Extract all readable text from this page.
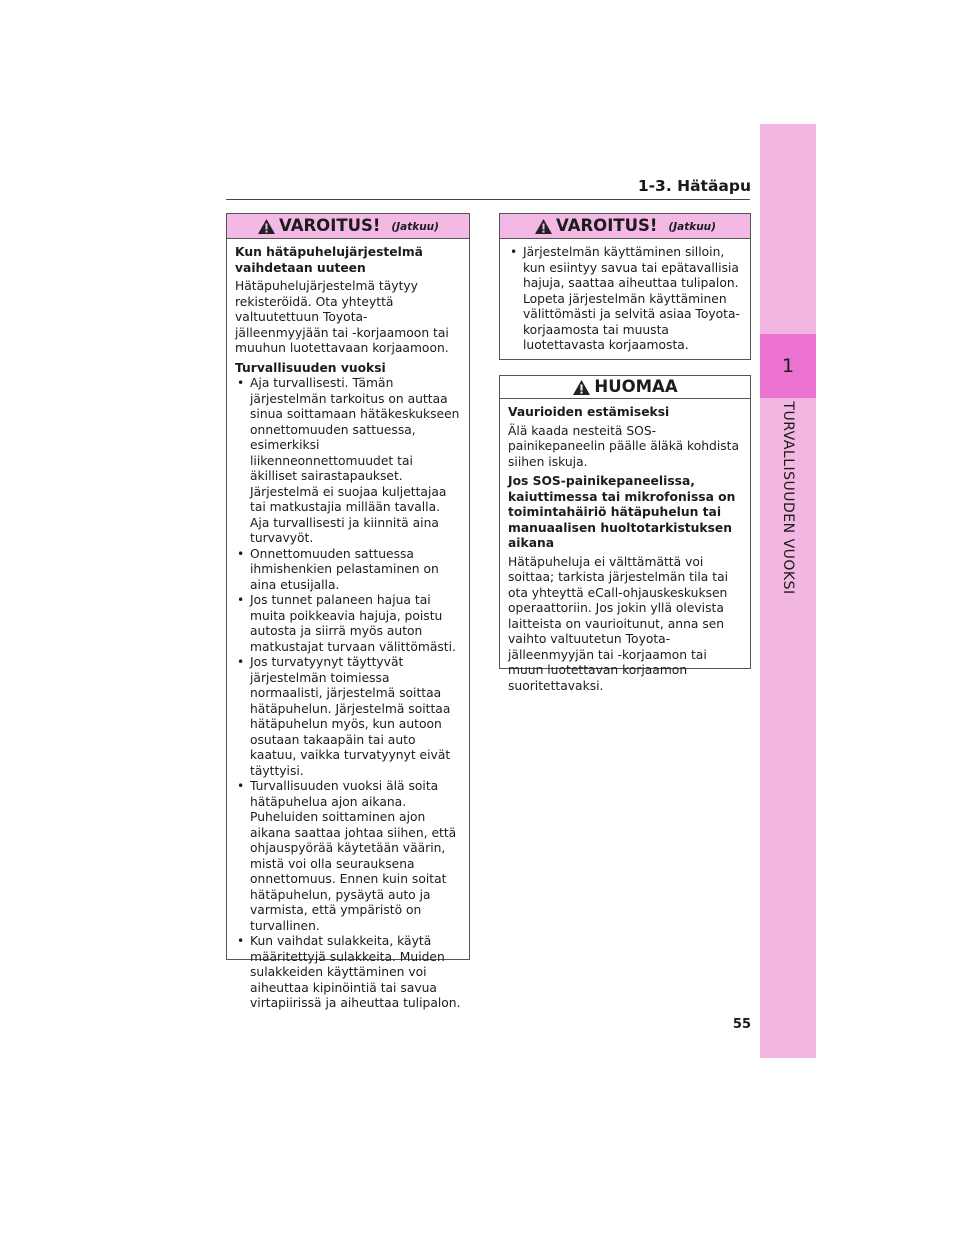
1
TURVALLISUUDEN VUOKSI
1-3. Hätäapu
VAROITUS! (Jatkuu)

Kun hätäpuhelujärjestelmä vaihdetaan uuteen

Hätäpuhelujärjestelmä täytyy rekisteröidä. Ota yhteyttä valtuutettuun Toyota-jälleenmyyjään tai -korjaamoon tai muuhun luotettavaan korjaamoon.

Turvallisuuden vuoksi

• Aja turvallisesti. Tämän järjestelmän tarkoitus on auttaa sinua soittamaan hätäkeskukseen onnettomuuden sattuessa, esimerkiksi liikenneonnettomuudet tai äkilliset sairastapaukset. Järjestelmä ei suojaa kuljettajaa tai matkustajia millään tavalla. Aja turvallisesti ja kiinnitä aina turvavyöt.
• Onnettomuuden sattuessa ihmishenkien pelastaminen on aina etusijalla.
• Jos tunnet palaneen hajua tai muita poikkeavia hajuja, poistu autosta ja siirrä myös auton matkustajat turvaan välittömästi.
• Jos turvatyynyt täyttyvät järjestelmän toimiessa normaalisti, järjestelmä soittaa hätäpuhelun. Järjestelmä soittaa hätäpuhelun myös, kun autoon osutaan takaapäin tai auto kaatuu, vaikka turvatyynyt eivät täyttyisi.
• Turvallisuuden vuoksi älä soita hätäpuhelua ajon aikana. Puheluiden soittaminen ajon aikana saattaa johtaa siihen, että ohjauspyörää käytetään väärin, mistä voi olla seurauksena onnettomuus. Ennen kuin soitat hätäpuhelun, pysäytä auto ja varmista, että ympäristö on turvallinen.
• Kun vaihdat sulakkeita, käytä määritettyjä sulakkeita. Muiden sulakkeiden käyttäminen voi aiheuttaa kipinöintiä tai savua virtapiirissä ja aiheuttaa tulipalon.
VAROITUS! (Jatkuu)
• Järjestelmän käyttäminen silloin, kun esiintyy savua tai epätavallisia hajuja, saattaa aiheuttaa tulipalon. Lopeta järjestelmän käyttäminen välittömästi ja selvitä asiaa Toyota-korjaamosta tai muusta luotettavasta korjaamosta.
HUOMAA

Vaurioiden estämiseksi

Älä kaada nesteitä SOS-painikepaneelin päälle äläkä kohdista siihen iskuja.

Jos SOS-painikepaneelissa, kaiuttimessa tai mikrofonissa on toimintahäiriö hätäpuhelun tai manuaalisen huoltotarkistuksen aikana

Hätäpuheluja ei välttämättä voi soittaa; tarkista järjestelmän tila tai ota yhteyttä eCall-ohjauskeskuksen operaattoriin. Jos jokin yllä olevista laitteista on vaurioitunut, anna sen vaihto valtuutetun Toyota-jälleenmyyjän tai -korjaamon tai muun luotettavan korjaamon suoritettavaksi.

55
